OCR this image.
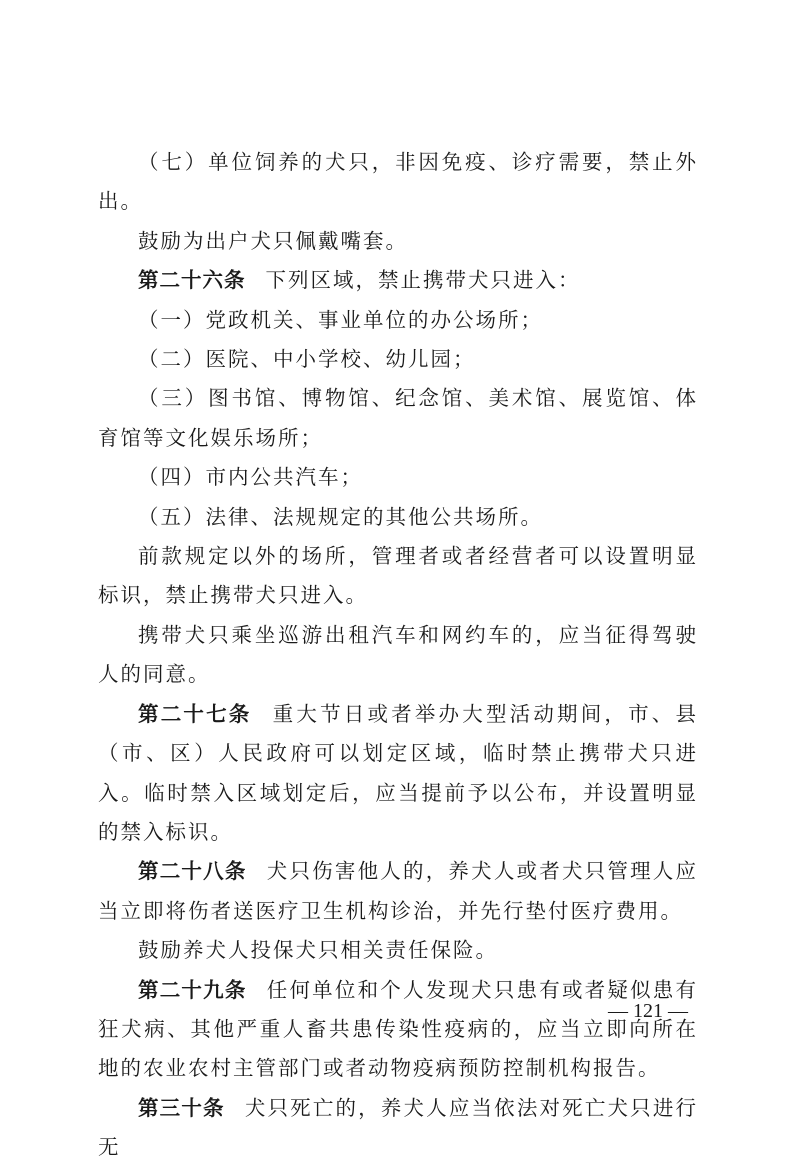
（七）单位饲养的犬只，非因免疫、诊疗需要，禁止外出。

鼓励为出户犬只佩戴嘴套。

第二十六条 下列区域，禁止携带犬只进入：

（一）党政机关、事业单位的办公场所；

（二）医院、中小学校、幼儿园；

（三）图书馆、博物馆、纪念馆、美术馆、展览馆、体育馆等文化娱乐场所；

（四）市内公共汽车；

（五）法律、法规规定的其他公共场所。

前款规定以外的场所，管理者或者经营者可以设置明显标识，禁止携带犬只进入。

携带犬只乘坐巡游出租汽车和网约车的，应当征得驾驶人的同意。

第二十七条 重大节日或者举办大型活动期间，市、县（市、区）人民政府可以划定区域，临时禁止携带犬只进入。临时禁入区域划定后，应当提前予以公布，并设置明显的禁入标识。

第二十八条 犬只伤害他人的，养犬人或者犬只管理人应当立即将伤者送医疗卫生机构诊治，并先行垫付医疗费用。

鼓励养犬人投保犬只相关责任保险。

第二十九条 任何单位和个人发现犬只患有或者疑似患有狂犬病、其他严重人畜共患传染性疫病的，应当立即向所在地的农业农村主管部门或者动物疫病预防控制机构报告。

第三十条 犬只死亡的，养犬人应当依法对死亡犬只进行无

— 121 —
